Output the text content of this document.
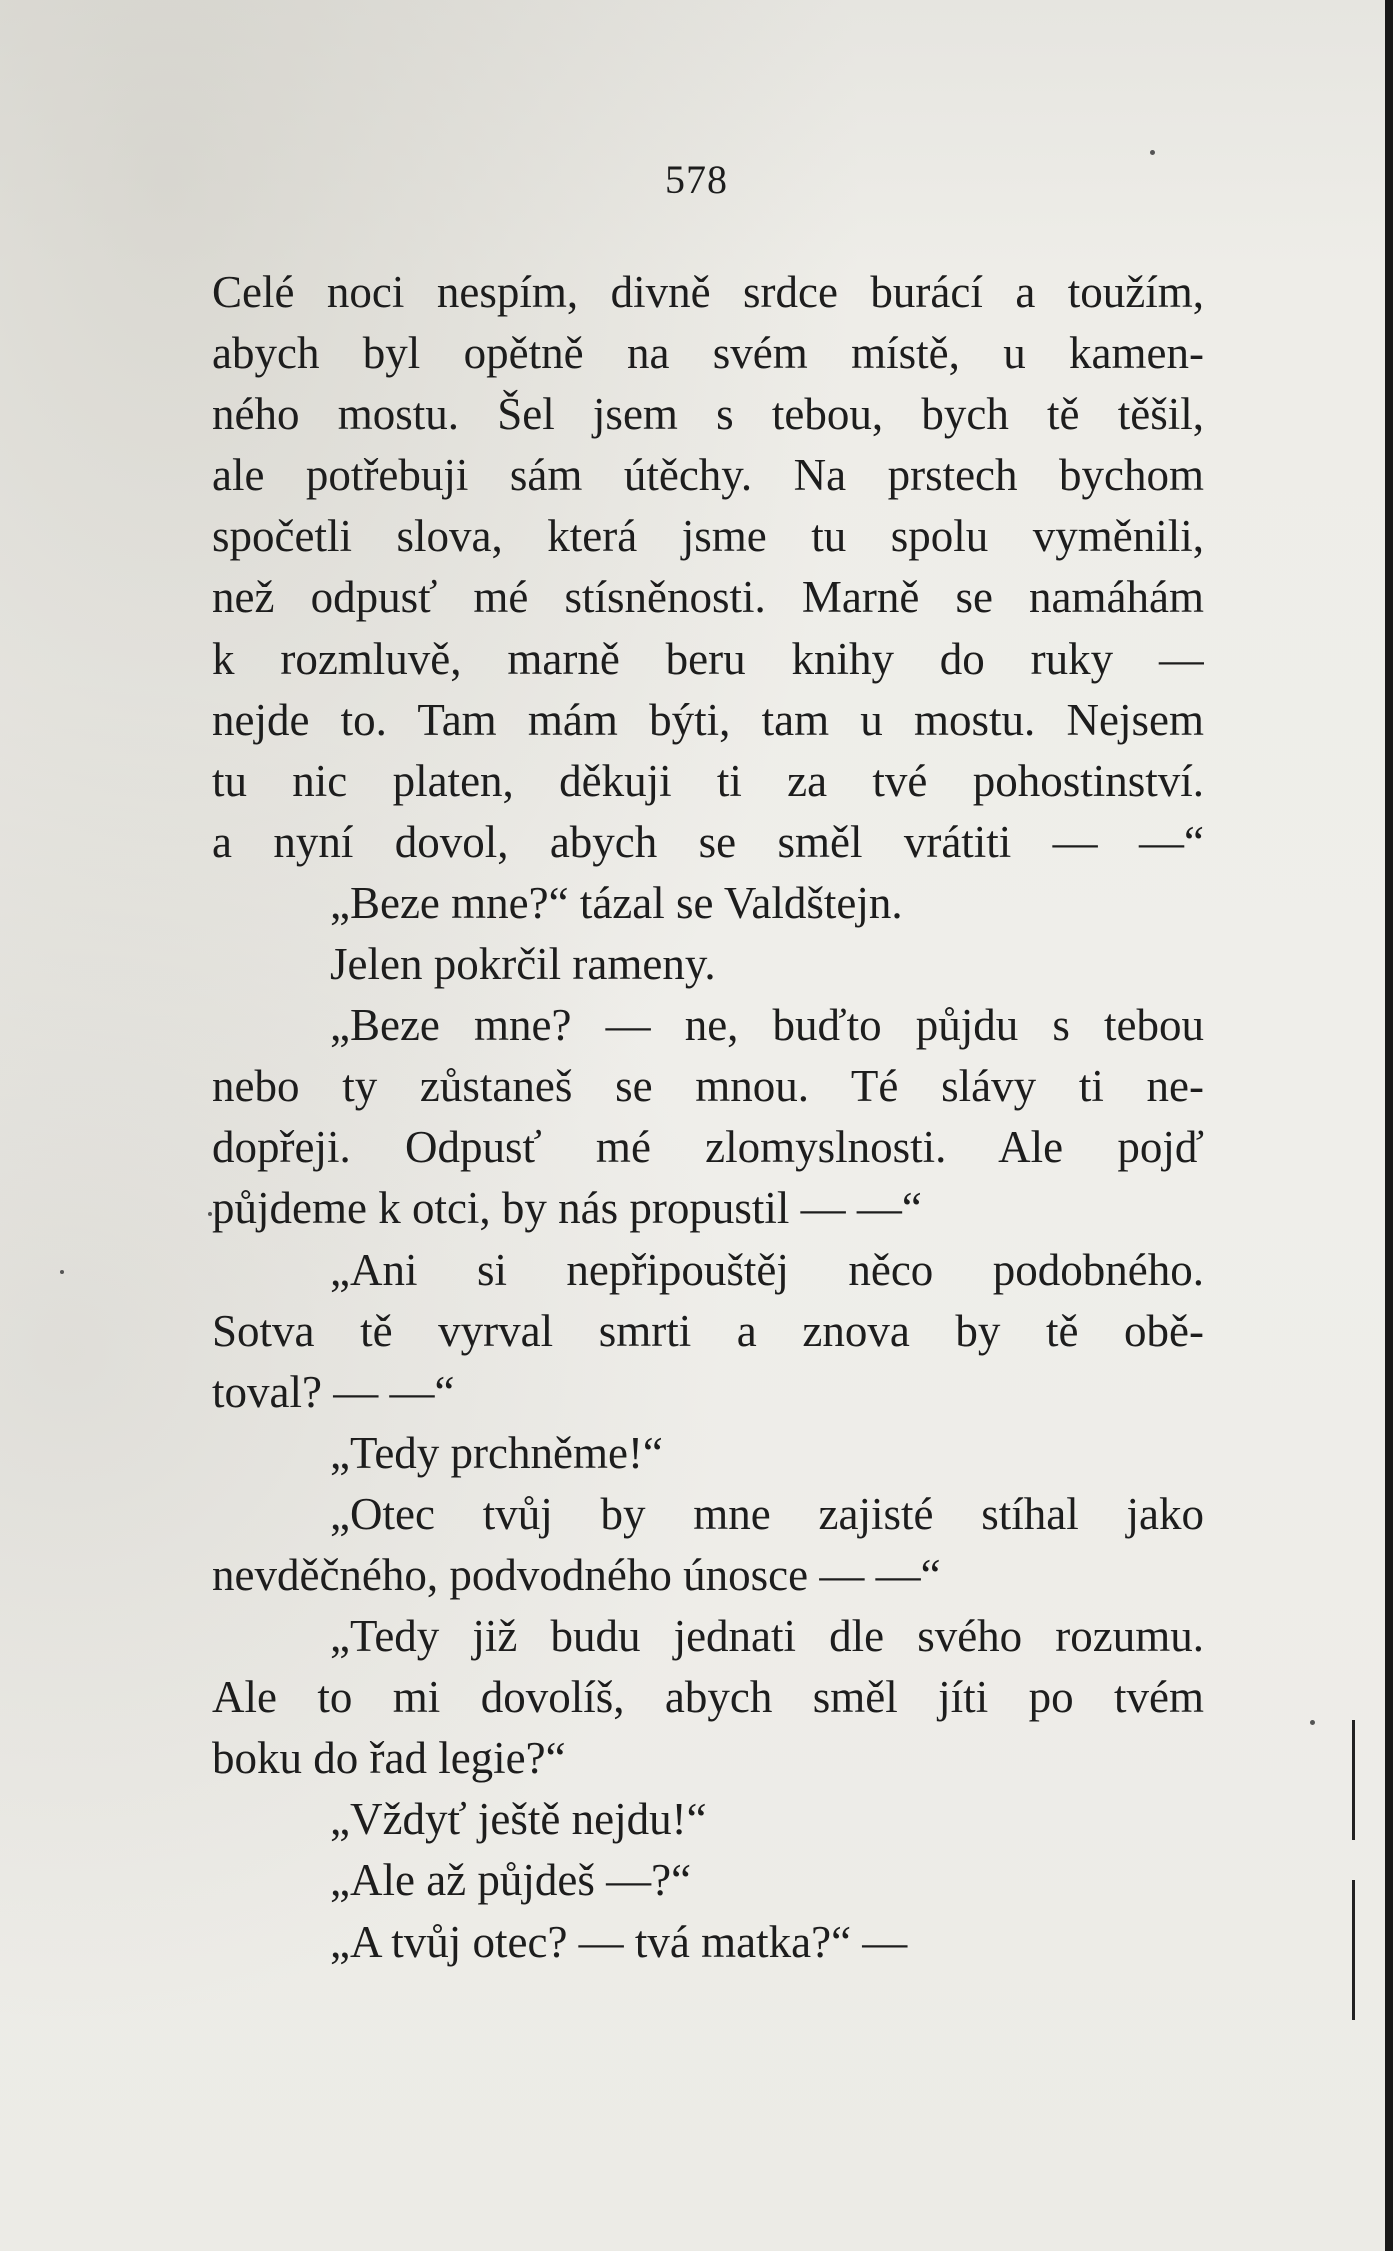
578
Celé noci nespím, divně srdce burácí a toužím,
abych byl opětně na svém místě, u kamen-
ného mostu. Šel jsem s tebou, bych tě těšil,
ale potřebuji sám útěchy. Na prstech bychom
spočetli slova, která jsme tu spolu vyměnili,
než odpusť mé stísněnosti. Marně se namáhám
k rozmluvě, marně beru knihy do ruky —
nejde to. Tam mám býti, tam u mostu. Nejsem
tu nic platen, děkuji ti za tvé pohostinství.
a nyní dovol, abych se směl vrátiti — —“
„Beze mne?“ tázal se Valdštejn.
Jelen pokrčil rameny.
„Beze mne? — ne, buďto půjdu s tebou
nebo ty zůstaneš se mnou. Té slávy ti ne-
dopřeji. Odpusť mé zlomyslnosti. Ale pojď
půjdeme k otci, by nás propustil — —“
„Ani si nepřipouštěj něco podobného.
Sotva tě vyrval smrti a znova by tě obě-
toval? — —“
„Tedy prchněme!“
„Otec tvůj by mne zajisté stíhal jako
nevděčného, podvodného únosce — —“
„Tedy již budu jednati dle svého rozumu.
Ale to mi dovolíš, abych směl jíti po tvém
boku do řad legie?“
„Vždyť ještě nejdu!“
„Ale až půjdeš —?“
„A tvůj otec? — tvá matka?“ —
